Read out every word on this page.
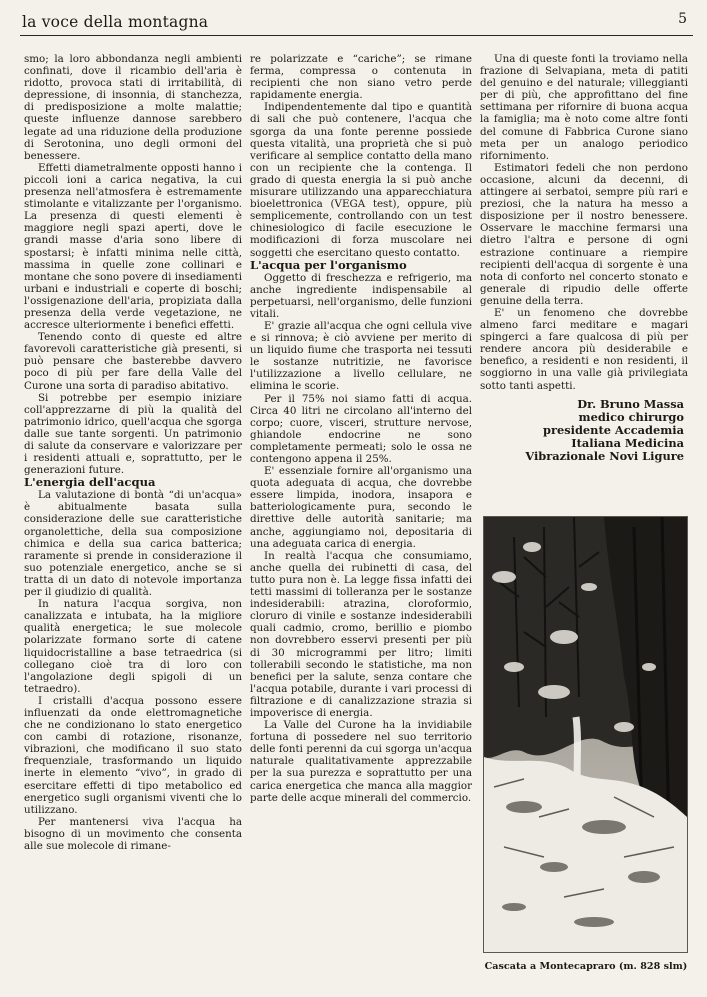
la voce della montagna	5

smo; la loro abbondanza negli ambienti confinati, dove il ricambio dell'aria è ridotto, provoca stati di irritabilità, di depressione, di insonnia, di stanchezza, di predisposizione a molte malattie; queste influenze dannose sarebbero legate ad una riduzione della produzione di Serotonina, uno degli ormoni del benessere.

Effetti diametralmente opposti hanno i piccoli ioni a carica negativa, la cui presenza nell'atmosfera è estremamente stimolante e vitalizzante per l'organismo. La presenza di questi elementi è maggiore negli spazi aperti, dove le grandi masse d'aria sono libere di spostarsi; è infatti minima nelle città, massima in quelle zone collinari e montane che sono povere di insediamenti urbani e industriali e coperte di boschi; l'ossigenazione dell'aria, propiziata dalla presenza della verde vegetazione, ne accresce ulteriormente i benefici effetti.

Tenendo conto di queste ed altre favorevoli caratteristiche già presenti, si può pensare che basterebbe davvero poco di più per fare della Valle del Curone una sorta di paradiso abitativo.

Si potrebbe per esempio iniziare coll'apprezzarne di più la qualità del patrimonio idrico, quell'acqua che sgorga dalle sue tante sorgenti. Un patrimonio di salute da conservare e valorizzare per i residenti attuali e, soprattutto, per le generazioni future.

L'energia dell'acqua

La valutazione di bontà “di un'acqua» è abitualmente basata sulla considerazione delle sue caratteristiche organolettiche, della sua composizione chimica e della sua carica batterica; raramente si prende in considerazione il suo potenziale energetico, anche se si tratta di un dato di notevole importanza per il giudizio di qualità.

In natura l'acqua sorgiva, non canalizzata e intubata, ha la migliore qualità energetica; le sue molecole polarizzate formano sorte di catene liquidocristalline a base tetraedrica (si collegano cioè tra di loro con l'angolazione degli spigoli di un tetraedro).

I cristalli d'acqua possono essere influenzati da onde elettromagnetiche che ne condizionano lo stato energetico con cambi di rotazione, risonanze, vibrazioni, che modificano il suo stato frequenziale, trasformando un liquido inerte in elemento “vivo”, in grado di esercitare effetti di tipo metabolico ed energetico sugli organismi viventi che lo utilizzano.

Per mantenersi viva l'acqua ha bisogno di un movimento che consenta alle sue molecole di rimane-

re polarizzate e “cariche”; se rimane ferma, compressa o contenuta in recipienti che non siano vetro perde rapidamente energia.

Indipendentemente dal tipo e quantità di sali che può contenere, l'acqua che sgorga da una fonte perenne possiede questa vitalità, una proprietà che si può verificare al semplice contatto della mano con un recipiente che la contenga. Il grado di questa energia la si può anche misurare utilizzando una apparecchiatura bioelettronica (VEGA test), oppure, più semplicemente, controllando con un test chinesiologico di facile esecuzione le modificazioni di forza muscolare nei soggetti che esercitano questo contatto.

L'acqua per l'organismo

Oggetto di freschezza e refrigerio, ma anche ingrediente indispensabile al perpetuarsi, nell'organismo, delle funzioni vitali.

E' grazie all'acqua che ogni cellula vive e si rinnova; è ciò avviene per merito di un liquido fiume che trasporta nei tessuti le sostanze nutritizie, ne favorisce l'utilizzazione a livello cellulare, ne elimina le scorie.

Per il 75% noi siamo fatti di acqua. Circa 40 litri ne circolano all'interno del corpo; cuore, visceri, strutture nervose, ghiandole endocrine ne sono completamente permeati; solo le ossa ne contengono appena il 25%.

E' essenziale fornire all'organismo una quota adeguata di acqua, che dovrebbe essere limpida, inodora, insapora e batteriologicamente pura, secondo le direttive delle autorità sanitarie; ma anche, aggiungiamo noi, depositaria di una adeguata carica di energia.

In realtà l'acqua che consumiamo, anche quella dei rubinetti di casa, del tutto pura non è. La legge fissa infatti dei tetti massimi di tolleranza per le sostanze indesiderabili: atrazina, cloroformio, cloruro di vinile e sostanze indesiderabili quali cadmio, cromo, berillio e piombo non dovrebbero esservi presenti per più di 30 microgrammi per litro; limiti tollerabili secondo le statistiche, ma non benefici per la salute, senza contare che l'acqua potabile, durante i vari processi di filtrazione e di canalizzazione strazia si impoverisce di energia.

La Valle del Curone ha la invidiabile fortuna di possedere nel suo territorio delle fonti perenni da cui sgorga un'acqua naturale qualitativamente apprezzabile per la sua purezza e soprattutto per una carica energetica che manca alla maggior parte delle acque minerali del commercio.

Una di queste fonti la troviamo nella frazione di Selvapiana, meta di patiti del genuino e del naturale; villeggianti per di più, che approfittano del fine settimana per rifornire di buona acqua la famiglia; ma è noto come altre fonti del comune di Fabbrica Curone siano meta per un analogo periodico rifornimento.

Estimatori fedeli che non perdono occasione, alcuni da decenni, di attingere ai serbatoi, sempre più rari e preziosi, che la natura ha messo a disposizione per il nostro benessere. Osservare le macchine fermarsi una dietro l'altra e persone di ogni estrazione continuare a riempire recipienti dell'acqua di sorgente è una nota di conforto nel concerto stonato e generale di ripudio delle offerte genuine della terra.

E' un fenomeno che dovrebbe almeno farci meditare e magari spingerci a fare qualcosa di più per rendere ancora più desiderabile e benefico, a residenti e non residenti, il soggiorno in una valle già privilegiata sotto tanti aspetti.

Dr. Bruno Massa
medico chirurgo
presidente Accademia
Italiana Medicina
Vibrazionale Novi Ligure
Cascata a Montecapraro (m. 828 slm)
